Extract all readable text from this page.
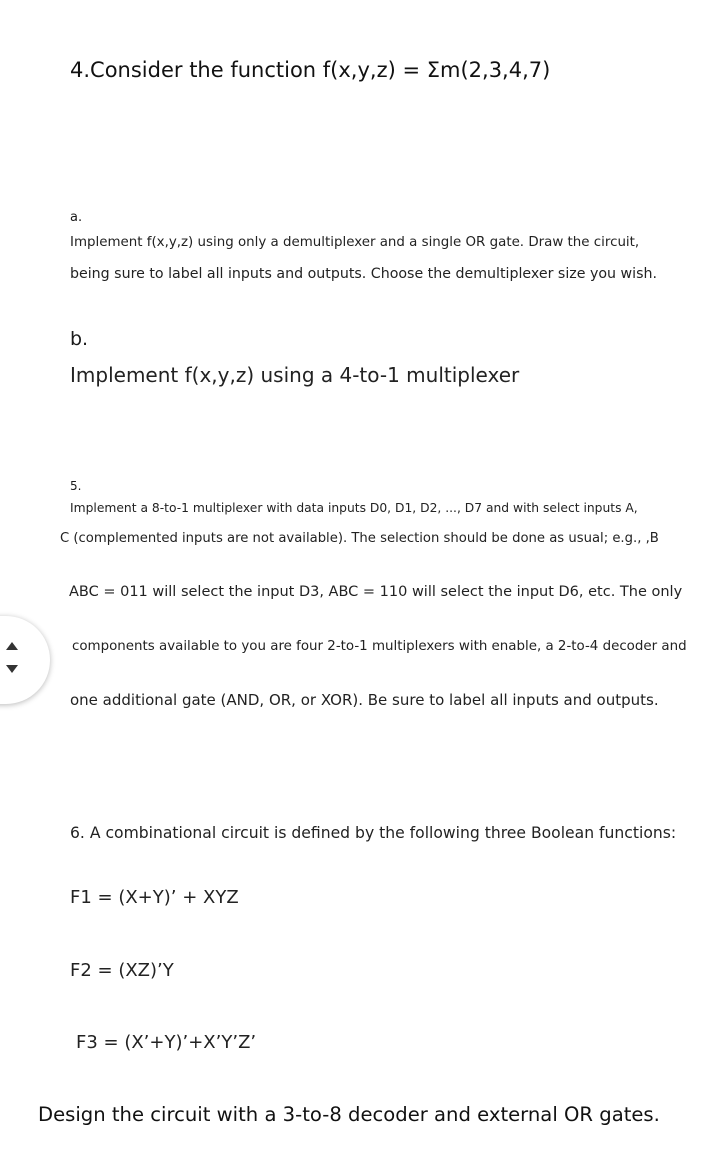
4.Consider the function f(x,y,z) = Σm(2,3,4,7)

a.

Implement f(x,y,z) using only a demultiplexer and a single OR gate. Draw the circuit,

being sure to label all inputs and outputs. Choose the demultiplexer size you wish.

b.

Implement f(x,y,z) using a 4-to-1 multiplexer

5.

Implement a 8-to-1 multiplexer with data inputs D0, D1, D2, ..., D7 and with select inputs A,

C (complemented inputs are not available). The selection should be done as usual; e.g., ,B

ABC = 011 will select the input D3, ABC = 110 will select the input D6, etc. The only

components available to you are four 2-to-1 multiplexers with enable, a 2-to-4 decoder and

one additional gate (AND, OR, or XOR). Be sure to label all inputs and outputs.

6. A combinational circuit is defined by the following three Boolean functions:

F1 = (X+Y)’ + XYZ

F2 = (XZ)’Y

F3 = (X’+Y)’+X’Y’Z’

Design the circuit with a 3-to-8 decoder and external OR gates.
